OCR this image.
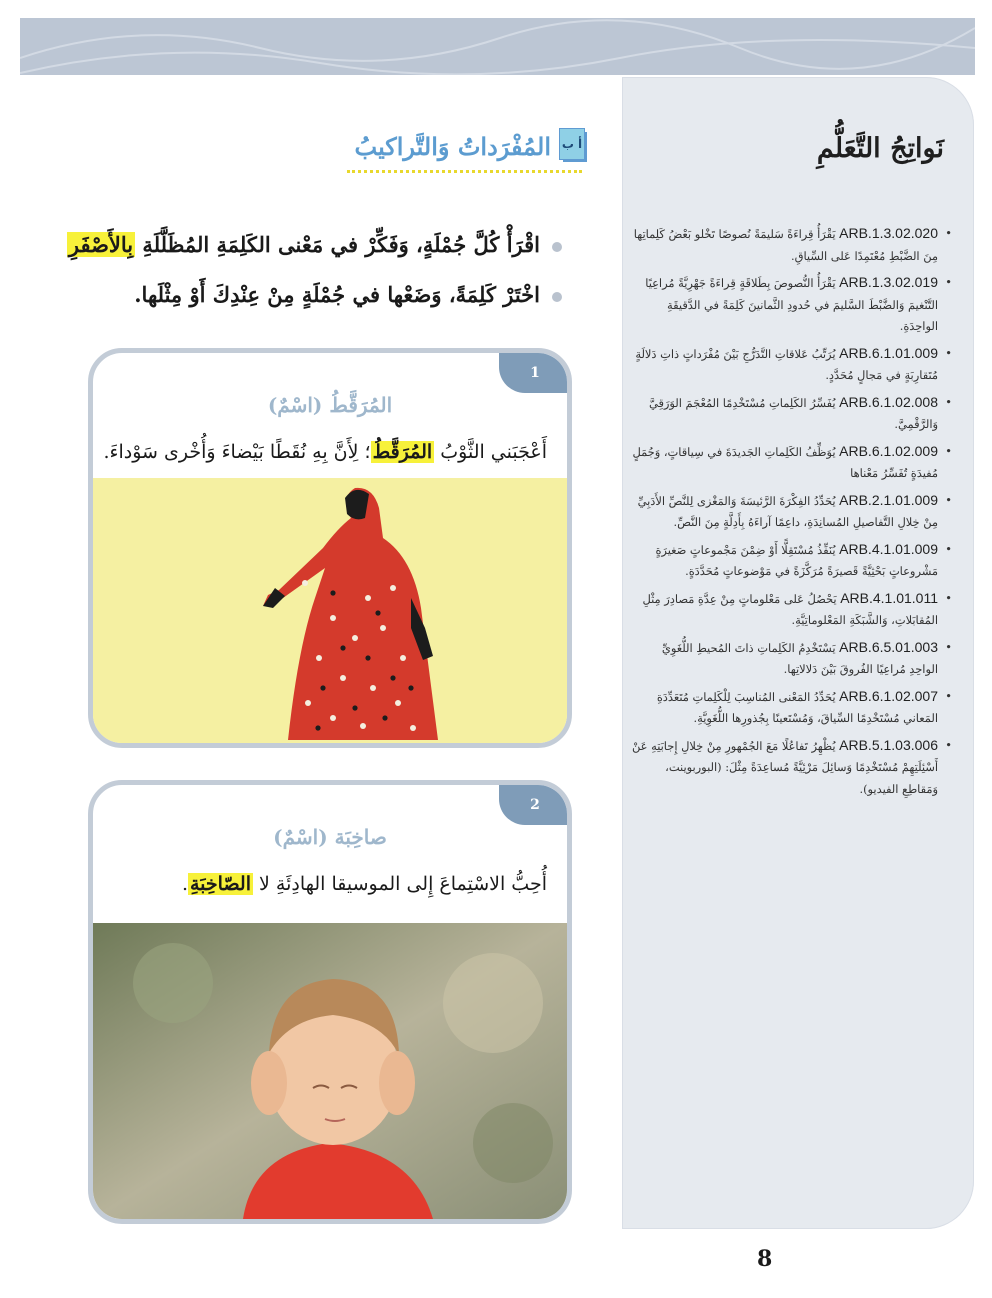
نَواتِجُ التَّعَلُّمِ
• ARB.1.3.02.020 يَقْرَأُ قِراءَةً سَليمَةً نُصوصًا تَخْلو بَعْضُ كَلِماتِها مِنَ الضَّبْطِ مُعْتَمِدًا عَلى السِّياقِ.
• ARB.1.3.02.019 يَقْرَأُ النُّصوصَ بِطَلاقَةٍ قِراءَةً جَهْرِيَّةً مُراعِيًا التَّنْغيمَ وَالضَّبْطَ السَّليمَ في حُدودِ الثَّمانينَ كَلِمَةً في الدَّقيقَةِ الواحِدَةِ.
• ARB.6.1.01.009 يُرَتِّبُ عَلاقاتِ التَّدَرُّجِ بَيْنَ مُفْرَداتٍ ذاتِ دَلالَةٍ مُتَقارِبَةٍ في مَجالٍ مُحَدَّدٍ.
• ARB.6.1.02.008 يُفَسِّرُ الكَلِماتِ مُسْتَخْدِمًا المُعْجَمَ الوَرَقِيَّ وَالرَّقْمِيَّ.
• ARB.6.1.02.009 يُوَظِّفُ الكَلِماتِ الجَديدَةَ في سِياقاتٍ، وَجُمَلٍ مُفيدَةٍ تُفَسِّرُ مَعْناها
• ARB.2.1.01.009 يُحَدِّدُ الفِكْرَةَ الرَّئيسَةَ وَالمَغْزى لِلنَّصِّ الأَدَبِيِّ مِنْ خِلالِ التَّفاصيلِ المُسانِدَةِ، داعِمًا آراءَهُ بِأَدِلَّةٍ مِنَ النَّصِّ.
• ARB.4.1.01.009 يُنَفِّذُ مُسْتَقِلًّا أَوْ ضِمْنَ مَجْموعاتٍ صَغيرَةٍ مَشْروعاتٍ بَحْثِيَّةً قَصيرَةً مُرَكَّزَةً في مَوْضوعاتٍ مُحَدَّدَةٍ.
• ARB.4.1.01.011 يَحْصُلُ عَلى مَعْلوماتٍ مِنْ عِدَّةِ مَصادِرَ مِثْلِ المُقابَلاتِ، وَالشَّبَكَةِ المَعْلوماتِيَّةِ.
• ARB.6.5.01.003 يَسْتَخْدِمُ الكَلِماتِ ذاتَ المُحيطِ اللُّغَوِيِّ الواحِدِ مُراعِيًا الفُروقَ بَيْنَ دَلالاتِها.
• ARB.6.1.02.007 يُحَدِّدُ المَعْنى المُناسِبَ لِلْكَلِماتِ مُتَعَدِّدَةِ المَعاني مُسْتَخْدِمًا السِّياقَ، وَمُسْتَعينًا بِجُذورِها اللُّغَوِيَّةِ.
• ARB.5.1.03.006 يُظْهِرُ تَفاعُلًا مَعَ الجُمْهورِ مِنْ خِلالِ إِجابَتِهِ عَنْ أَسْئِلَتِهِمْ مُسْتَخْدِمًا وَسائِلَ مَرْئِيَّةً مُساعِدَةً مِثْلَ: (البوربوينت، وَمَقاطِعِ الفيديو).
أ ب
المُفْرَداتُ وَالتَّراكيبُ
اقْرَأْ كُلَّ جُمْلَةٍ، وَفَكِّرْ في مَعْنى الكَلِمَةِ المُظَلَّلَةِ بِالأَصْفَرِ
اخْتَرْ كَلِمَةً، وَضَعْها في جُمْلَةٍ مِنْ عِنْدِكَ أَوْ مِثْلَها.
1
المُرَقَّطُ (اسْمٌ)
أَعْجَبَني الثَّوْبُ المُرَقَّطُ؛ لِأَنَّ بِهِ نُقَطًا بَيْضاءَ وَأُخْرى سَوْداءَ.
2
صاخِبَة (اسْمٌ)
أُحِبُّ الاسْتِماعَ إِلى الموسيقا الهادِئَةِ لا الصّاخِبَةِ.
8
